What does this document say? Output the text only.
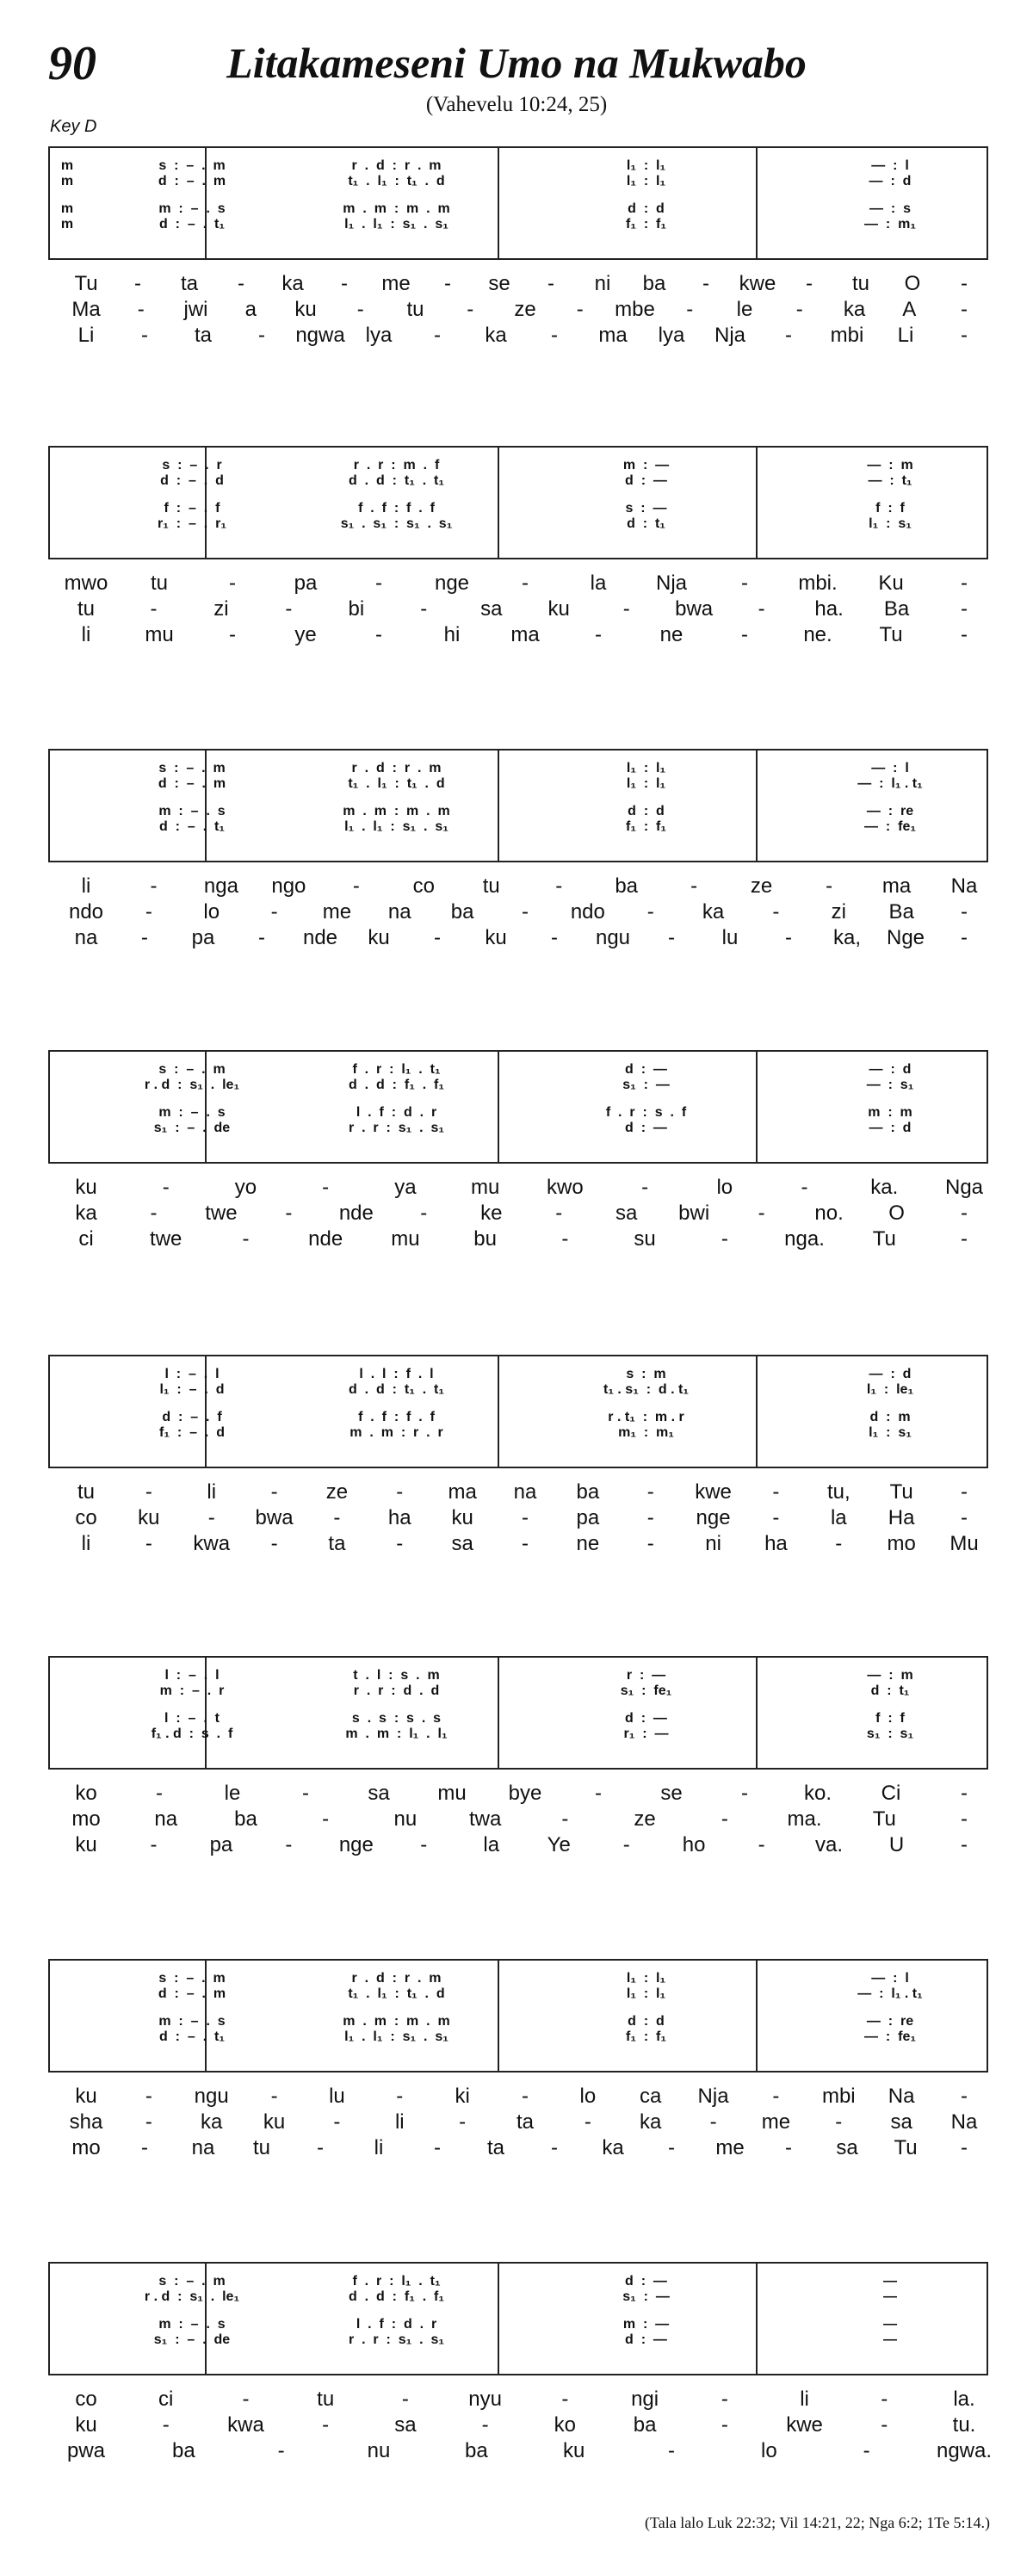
90	Litakameseni Umo na Mukwabo
(Vahevelu 10:24, 25)
Key D
m	s  :  –  .  m	r  .  d  :  r  .  m	l₁  :  l₁	—  :  l
m	d  :  –  .  m	t₁  .  l₁  :  t₁  .  d	l₁  :  l₁	—  :  d
m	m  :  –  .  s	m  .  m  :  m  .  m	d  :  d	—  :  s
m	d  :  –  .  t₁	l₁  .  l₁  :  s₁  .  s₁	f₁  :  f₁	—  :  m₁
Tu - ta - ka - me - se - ni ba - kwe - tu O -
Ma - jwi a ku - tu - ze - mbe - le - ka A -
Li - ta - ngwa lya - ka - ma lya Nja - mbi Li -
s  :  –  .  r	r  .  r  :  m  .  f	m  :  —	—  :  m
d  :  –  .  d	d  .  d  :  t₁  .  t₁	d  :  —	—  :  t₁
f  :  –  .  f	f  .  f  :  f  .  f	s  :  —	f  :  f
r₁  :  –  .  r₁	s₁  .  s₁  :  s₁  .  s₁	d  :  t₁	l₁  :  s₁
mwo tu	-	pa	-	nge	-	la Nja	- mbi. Ku	-
tu	-	zi	-	bi	-	sa ku	- bwa - ha. Ba -
li	mu	-	ye	-	hi ma	-	ne	-	ne. Tu	-
s  :  –  .  m	r  .  d  :  r  .  m	l₁  :  l₁	—  :  l
d  :  –  .  m	t₁  .  l₁  :  t₁  .  d	l₁  :  l₁	—  :  l₁ . t₁
m  :  –  .  s	m  .  m  :  m  .  m	d  :  d	—  :  re
d  :  –  .  t₁	l₁  .  l₁  :  s₁  .  s₁	f₁  :  f₁	—  :  fe₁
li	- nga ngo -	co tu	-	ba	-	ze	- ma Na
ndo - lo - me na ba - ndo - ka -	zi Ba -
na - pa - nde ku - ku - ngu - lu - ka, Nge -
s  :  –  .  m	f  .  r  :  l₁  .  t₁	d  :  —	—  :  d
r . d  :  s₁  .  le₁	d  .  d  :  f₁  .  f₁	s₁  :  —	—  :  s₁
m  :  –  .  s	l  .  f  :  d  .  r	f  .  r  :  s  .  f	m  :  m
s₁  :  –  .  de	r  .  r  :  s₁  .  s₁	d  :  —	—  :  d
ku	-	yo	-	ya	mu kwo	-	lo	-	ka. Nga
ka	- twe - nde -	ke	-	sa bwi - no. O	-
ci	twe	-	nde mu	bu	-	su	-	nga. Tu	-
l  :  –  .  l	l  .  l  :  f  .  l	s  :  m	—  :  d
l₁  :  –  .  d	d  .  d  :  t₁  .  t₁	t₁ . s₁  :  d . t₁	l₁  :  le₁
d  :  –  .  f	f  .  f  :  f  .  f	r . t₁  :  m . r	d  :  m
f₁  :  –  .  d	m  .  m  :  r  .  r	m₁  :  m₁	l₁  :  s₁
tu -	li	- ze - ma na ba - kwe - tu, Tu -
co ku - bwa - ha ku - pa - nge - la Ha -
li	- kwa - ta - sa - ne - ni ha - mo Mu
l  :  –  .  l	t  .  l  :  s  .  m	r  :  —	—  :  m
m  :  –  .  r	r  .  r  :  d  .  d	s₁  :  fe₁	d  :  t₁
l  :  –  .  t	s  .  s  :  s  .  s	d  :  —	f  :  f
f₁ . d  :  s  .  f	m  .  m  :  l₁  .  l₁	r₁  :  —	s₁  :  s₁
ko	-	le	-	sa mu bye	-	se	-	ko. Ci	-
mo	na	ba	-	nu	twa	-	ze	-	ma. Tu	-
ku	-	pa	- nge -	la Ye	-	ho	- va. U	-
s  :  –  .  m	r  .  d  :  r  .  m	l₁  :  l₁	—  :  l
d  :  –  .  m	t₁  .  l₁  :  t₁  .  d	l₁  :  l₁	—  :  l₁ . t₁
m  :  –  .  s	m  .  m  :  m  .  m	d  :  d	—  :  re
d  :  –  .  t₁	l₁  .  l₁  :  s₁  .  s₁	f₁  :  f₁	—  :  fe₁
ku - ngu - lu -	ki	- lo ca Nja - mbi Na -
sha - ka ku -	li	- ta - ka - me - sa Na
mo - na tu - li - ta - ka - me - sa Tu -
s  :  –  .  m	f  .  r  :  l₁  .  t₁	d  :  —	—
r . d  :  s₁  .  le₁	d  .  d  :  f₁  .  f₁	s₁  :  —	—
m  :  –  .  s	l  .  f  :  d  .  r	m  :  —	—
s₁  :  –  .  de	r  .  r  :  s₁  .  s₁	d  :  —	—
co	ci	-	tu	-	nyu	-	ngi	-	li	-	la.
ku	-	kwa	-	sa	-	ko	ba	-	kwe	-	tu.
pwa	ba	-	nu	ba	ku	-	lo	-	ngwa.
(Tala lalo Luk 22:32; Vil 14:21, 22; Nga 6:2; 1Te 5:14.)
